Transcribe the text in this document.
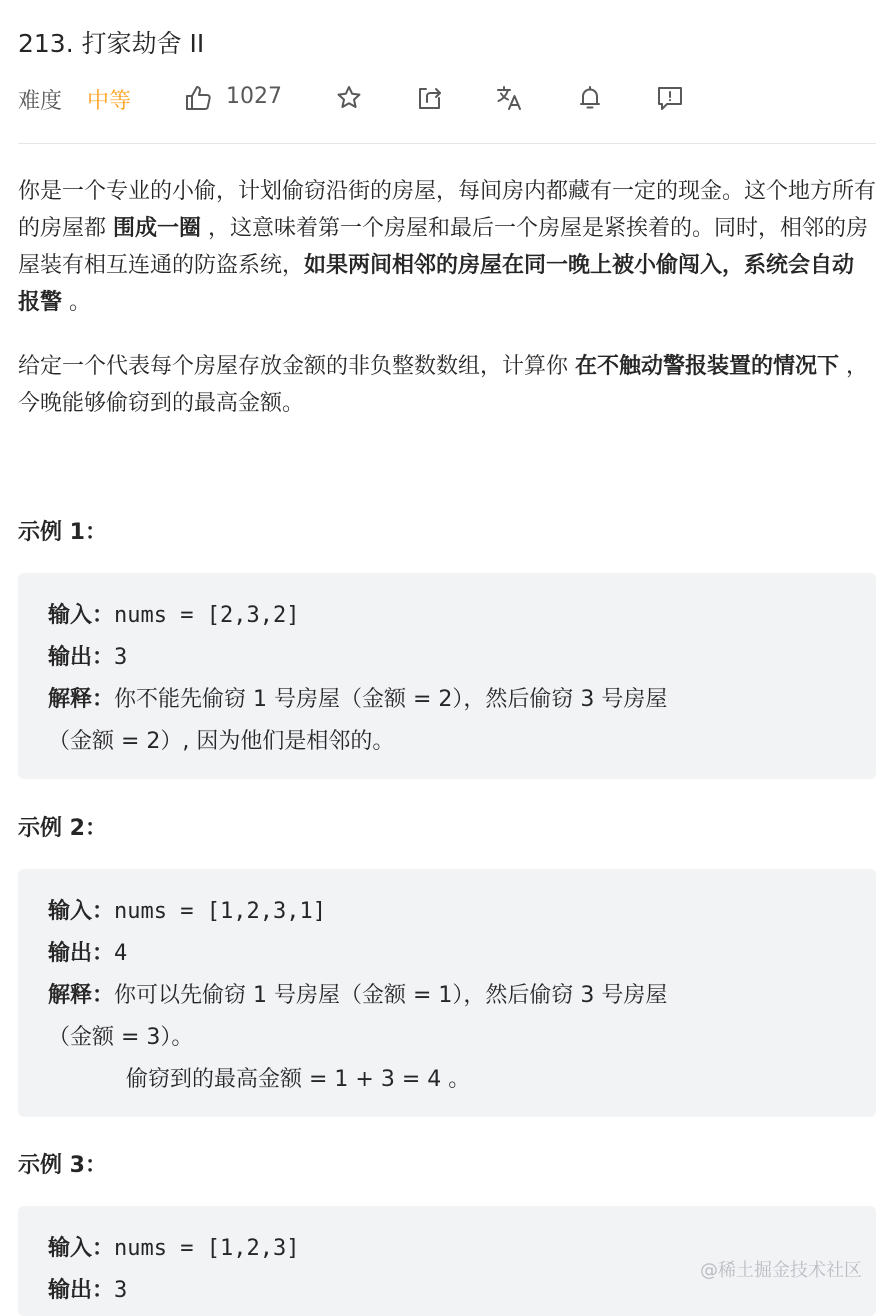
213. 打家劫舍 II
难度 中等	1027
你是一个专业的小偷，计划偷窃沿街的房屋，每间房内都藏有一定的现金。这个地方所有的房屋都 围成一圈 ，这意味着第一个房屋和最后一个房屋是紧挨着的。同时，相邻的房屋装有相互连通的防盗系统，如果两间相邻的房屋在同一晚上被小偷闯入，系统会自动报警 。
给定一个代表每个房屋存放金额的非负整数数组，计算你 在不触动警报装置的情况下 ，今晚能够偷窃到的最高金额。
示例 1：
输入：nums = [2,3,2]
输出：3
解释：你不能先偷窃 1 号房屋（金额 = 2），然后偷窃 3 号房屋
（金额 = 2）, 因为他们是相邻的。
示例 2：
输入：nums = [1,2,3,1]
输出：4
解释：你可以先偷窃 1 号房屋（金额 = 1），然后偷窃 3 号房屋
（金额 = 3）。
偷窃到的最高金额 = 1 + 3 = 4 。
示例 3：
输入：nums = [1,2,3]
输出：3
@稀土掘金技术社区
